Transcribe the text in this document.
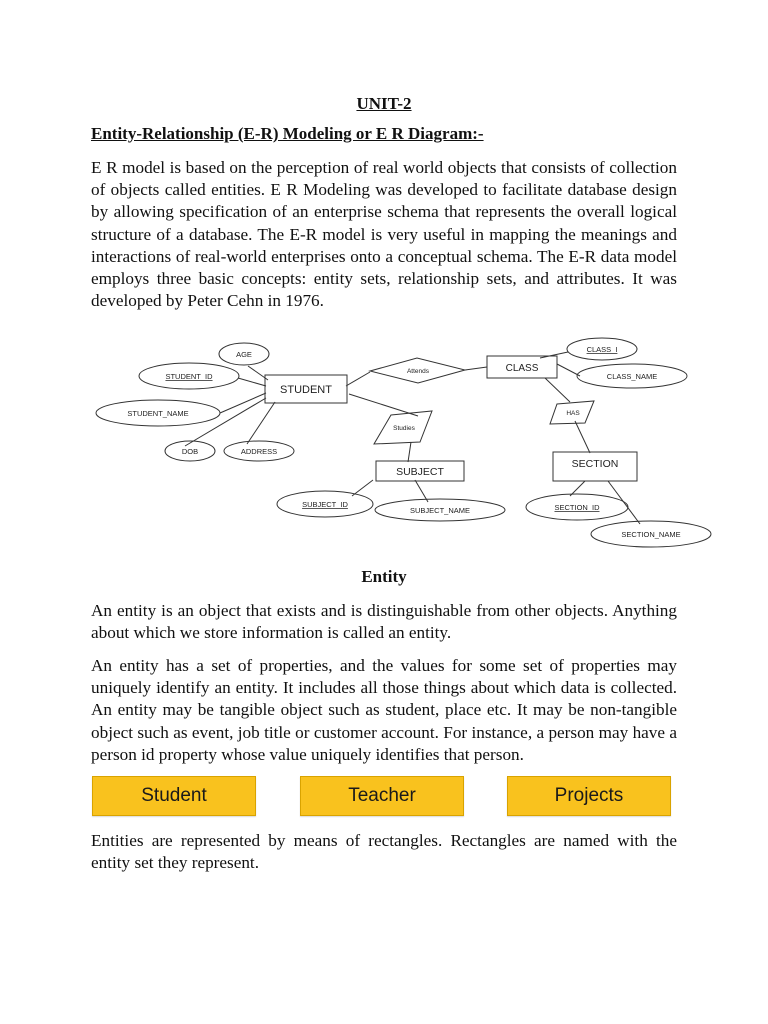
UNIT-2
Entity-Relationship (E-R) Modeling or E R Diagram:-
E R model is based on the perception of real world objects that consists of collection of objects called entities. E R Modeling was developed to facilitate database design by allowing specification of an enterprise schema that represents the overall logical structure of a database. The E-R model is very useful in mapping the meanings and interactions of real-world enterprises onto a conceptual schema. The E-R data model employs three basic concepts: entity sets, relationship sets, and attributes. It was developed by Peter Cehn in 1976.
STUDENT
CLASS
SUBJECT
SECTION
Attends
Studies
HAS
AGE
STUDENT_ID
STUDENT_NAME
DOB	ADDRESS
CLASS_I
CLASS_NAME
SUBJECT_ID
SUBJECT_NAME	SECTION_ID
SECTION_NAME
Entity
An entity is an object that exists and is distinguishable from other objects. Anything about which we store information is called an entity.
An entity has a set of properties, and the values for some set of properties may uniquely identify an entity. It includes all those things about which data is collected. An entity may be tangible object such as student, place etc. It may be non-tangible object such as event, job title or customer account. For instance, a person may have a person id property whose value uniquely identifies that person.
Student	Teacher	Projects
Entities are represented by means of rectangles. Rectangles are named with the entity set they represent.
